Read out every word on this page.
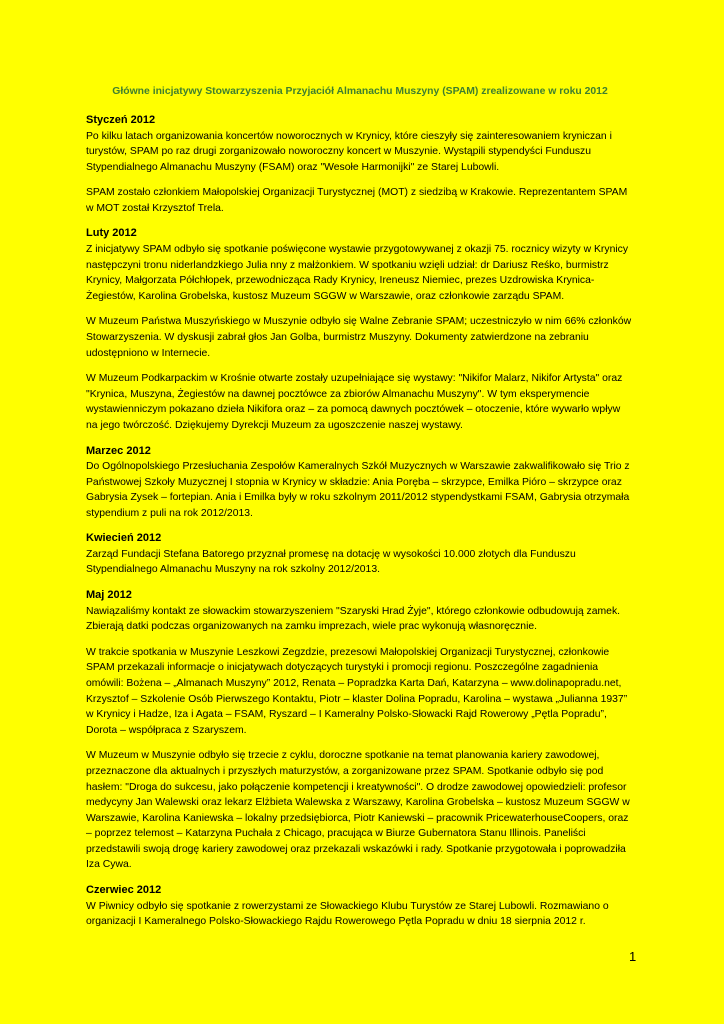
Główne inicjatywy Stowarzyszenia Przyjaciół Almanachu Muszyny (SPAM) zrealizowane w roku 2012
Styczeń 2012

Po kilku latach organizowania koncertów noworocznych w Krynicy, które cieszyły się zainteresowaniem kryniczan i turystów, SPAM po raz drugi zorganizowało noworoczny koncert w Muszynie. Wystąpili stypendyści Funduszu Stypendialnego Almanachu Muszyny (FSAM) oraz "Wesołe Harmonijki" ze Starej Lubowli.

SPAM zostało członkiem Małopolskiej Organizacji Turystycznej (MOT) z siedzibą w Krakowie. Reprezentantem SPAM w MOT został Krzysztof Trela.

Luty 2012

Z inicjatywy SPAM odbyło się spotkanie poświęcone wystawie przygotowywanej z okazji 75. rocznicy wizyty w Krynicy następczyni tronu niderlandzkiego Julia nny z małżonkiem. W spotkaniu wzięli udział: dr Dariusz Reśko, burmistrz Krynicy, Małgorzata Półchłopek, przewodnicząca Rady Krynicy, Ireneusz Niemiec, prezes Uzdrowiska Krynica-Żegiestów, Karolina Grobelska, kustosz Muzeum SGGW w Warszawie, oraz członkowie zarządu SPAM.

W Muzeum Państwa Muszyńskiego w Muszynie odbyło się Walne Zebranie SPAM; uczestniczyło w nim 66% członków Stowarzyszenia. W dyskusji zabrał głos Jan Golba, burmistrz Muszyny. Dokumenty zatwierdzone na zebraniu udostępniono w Internecie.

W Muzeum Podkarpackim w Krośnie otwarte zostały uzupełniające się wystawy: "Nikifor Malarz, Nikifor Artysta" oraz "Krynica, Muszyna, Żegiestów na dawnej pocztówce za zbiorów Almanachu Muszyny". W tym eksperymencie wystawienniczym pokazano dzieła Nikifora oraz – za pomocą dawnych pocztówek – otoczenie, które wywarło wpływ na jego twórczość. Dziękujemy Dyrekcji Muzeum za ugoszczenie naszej wystawy.

Marzec 2012

Do Ogólnopolskiego Przesłuchania Zespołów Kameralnych Szkół Muzycznych w Warszawie zakwalifikowało się Trio z Państwowej Szkoły Muzycznej I stopnia w Krynicy w składzie: Ania Poręba – skrzypce, Emilka Pióro – skrzypce oraz Gabrysia Zysek – fortepian. Ania i Emilka były w roku szkolnym 2011/2012 stypendystkami FSAM, Gabrysia otrzymała stypendium z puli na rok 2012/2013.

Kwiecień 2012

Zarząd Fundacji Stefana Batorego przyznał promesę na dotację w wysokości 10.000 złotych dla Funduszu Stypendialnego Almanachu Muszyny na rok szkolny 2012/2013.

Maj 2012

Nawiązaliśmy kontakt ze słowackim stowarzyszeniem "Szaryski Hrad Żyje", którego członkowie odbudowują zamek. Zbierają datki podczas organizowanych na zamku imprezach, wiele prac wykonują własnoręcznie.

W trakcie spotkania w Muszynie Leszkowi Zegzdzie, prezesowi Małopolskiej Organizacji Turystycznej, członkowie SPAM przekazali informacje o inicjatywach dotyczących turystyki i promocji regionu. Poszczególne zagadnienia omówili: Bożena – „Almanach Muszyny” 2012, Renata – Popradzka Karta Dań, Katarzyna – www.dolinapopradu.net, Krzysztof – Szkolenie Osób Pierwszego Kontaktu, Piotr – klaster Dolina Popradu, Karolina – wystawa „Julianna 1937” w Krynicy i Hadze, Iza i Agata – FSAM, Ryszard – I Kameralny Polsko-Słowacki Rajd Rowerowy „Pętla Popradu”, Dorota – współpraca z Szaryszem.

W Muzeum w Muszynie odbyło się trzecie z cyklu, doroczne spotkanie na temat planowania kariery zawodowej, przeznaczone dla aktualnych i przyszłych maturzystów, a zorganizowane przez SPAM. Spotkanie odbyło się pod hasłem: "Droga do sukcesu, jako połączenie kompetencji i kreatywności". O drodze zawodowej opowiedzieli: profesor medycyny Jan Walewski oraz lekarz Elżbieta Walewska z Warszawy, Karolina Grobelska – kustosz Muzeum SGGW w Warszawie, Karolina Kaniewska – lokalny przedsiębiorca, Piotr Kaniewski – pracownik PricewaterhouseCoopers, oraz – poprzez telemost – Katarzyna Puchała z Chicago, pracująca w Biurze Gubernatora Stanu Illinois. Paneliści przedstawili swoją drogę kariery zawodowej oraz przekazali wskazówki i rady. Spotkanie przygotowała i poprowadziła Iza Cywa.

Czerwiec 2012

W Piwnicy odbyło się spotkanie z rowerzystami ze Słowackiego Klubu Turystów ze Starej Lubowli. Rozmawiano o organizacji I Kameralnego Polsko-Słowackiego Rajdu Rowerowego Pętla Popradu w dniu 18 sierpnia 2012 r.

1
